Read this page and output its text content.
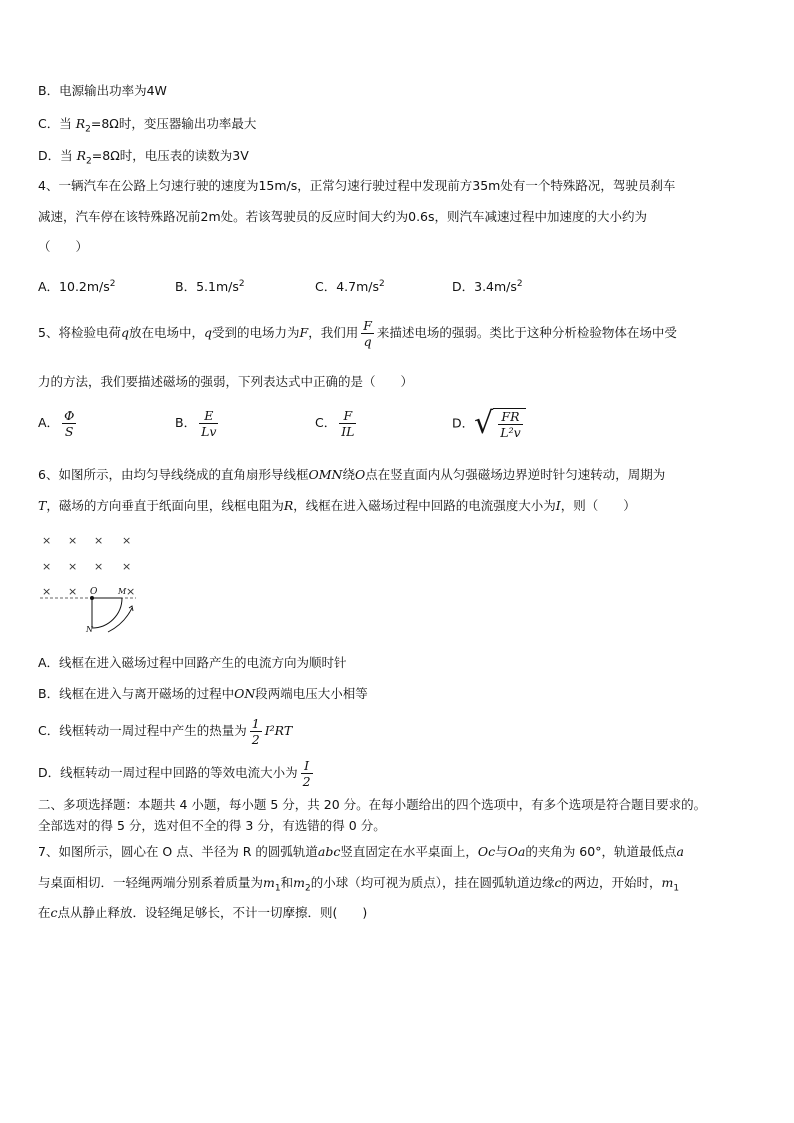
B．电源输出功率为4W
C．当 $R_2=8\Omega$时，变压器输出功率最大
D．当 $R_2=8\Omega$时，电压表的读数为3V
4、一辆汽车在公路上匀速行驶的速度为15m/s，正常匀速行驶过程中发现前方35m处有一个特殊路况，驾驶员刹车
减速，汽车停在该特殊路况前2m处。若该驾驶员的反应时间大约为0.6s，则汽车减速过程中加速度的大小约为
（　　）
A．$10.2m/s^2$	B．$5.1m/s^2$	C．$4.7m/s^2$	D．$3.4m/s^2$
5、将检验电荷q放在电场中，q受到的电场力为F，我们用 $\frac{F}{q}$ 来描述电场的强弱。类比于这种分析检验物体在场中受
力的方法，我们要描述磁场的强弱，下列表达式中正确的是（　　）
A． $\frac{\Phi}{S}$	B． $\frac{E}{Lv}$	C． $\frac{F}{IL}$	D．√ $\frac{FR}{\text{L²v}}$
6、如图所示，由均匀导线绕成的直角扇形导线框OMN绕O点在竖直面内从匀强磁场边界逆时针匀速转动，周期为
T，磁场的方向垂直于纸面向里，线框电阻为R，线框在进入磁场过程中回路的电流强度大小为I，则（　　）
× × × ×
× × × ×
× ×	×
O	M
N
A．线框在进入磁场过程中回路产生的电流方向为顺时针
B．线框在进入与离开磁场的过程中ON段两端电压大小相等
C．线框转动一周过程中产生的热量为 $\frac{1}{2} I^2RT$
D．线框转动一周过程中回路的等效电流大小为 $\frac{I}{2}$
二、多项选择题：本题共 4 小题，每小题 5 分，共 20 分。在每小题给出的四个选项中，有多个选项是符合题目要求的。
全部选对的得 5 分，选对但不全的得 3 分，有选错的得 0 分。
7、如图所示，圆心在 O 点、半径为 R 的圆弧轨道abc竖直固定在水平桌面上，Oc与Oa的夹角为 60°，轨道最低点a
与桌面相切．一轻绳两端分别系着质量为$m_1$和$m_2$的小球（均可视为质点），挂在圆弧轨道边缘c的两边，开始时，$m_1$
在c点从静止释放．设轻绳足够长，不计一切摩擦．则(　　)
